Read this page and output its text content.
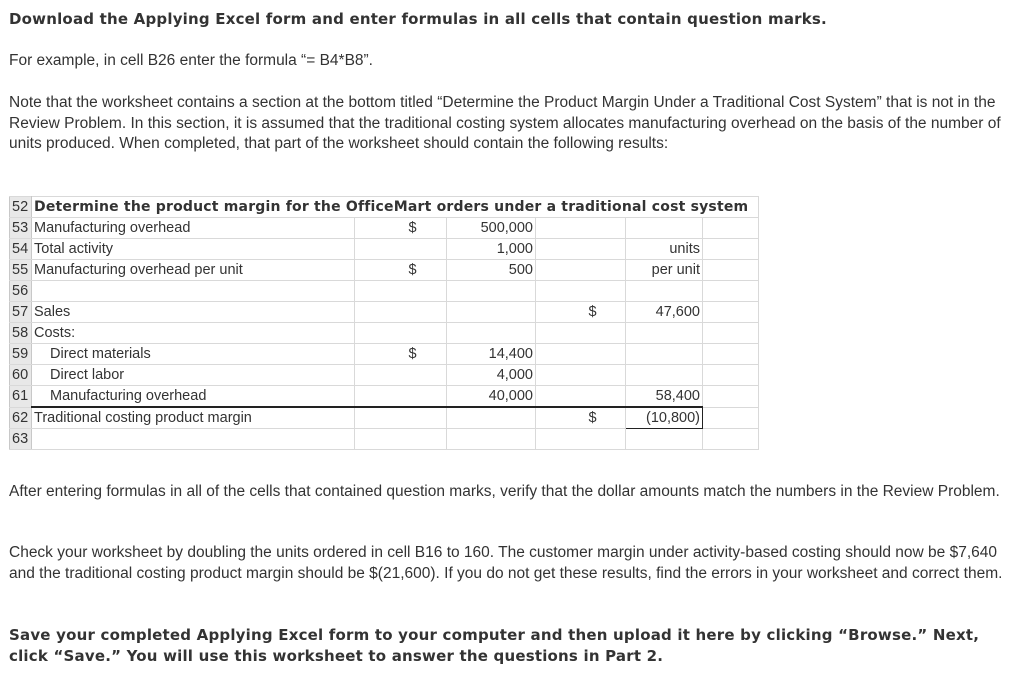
Download the Applying Excel form and enter formulas in all cells that contain question marks.

For example, in cell B26 enter the formula “= B4*B8”.

Note that the worksheet contains a section at the bottom titled “Determine the Product Margin Under a Traditional Cost System” that is not in the Review Problem. In this section, it is assumed that the traditional costing system allocates manufacturing overhead on the basis of the number of units produced. When completed, that part of the worksheet should contain the following results:

52	Determine the product margin for the OfficeMart orders under a traditional cost system					
53	Manufacturing overhead	$	500,000			
54	Total activity		1,000		units	
55	Manufacturing overhead per unit	$	500		per unit	
56						
57	Sales			$	47,600	
58	Costs:					
59	Direct materials	$	14,400			
60	Direct labor		4,000			
61	Manufacturing overhead		40,000		58,400	
62	Traditional costing product margin			$	(10,800)	
63						

After entering formulas in all of the cells that contained question marks, verify that the dollar amounts match the numbers in the Review Problem.

Check your worksheet by doubling the units ordered in cell B16 to 160. The customer margin under activity-based costing should now be $7,640 and the traditional costing product margin should be $(21,600). If you do not get these results, find the errors in your worksheet and correct them.

Save your completed Applying Excel form to your computer and then upload it here by clicking “Browse.” Next, click “Save.” You will use this worksheet to answer the questions in Part 2.
